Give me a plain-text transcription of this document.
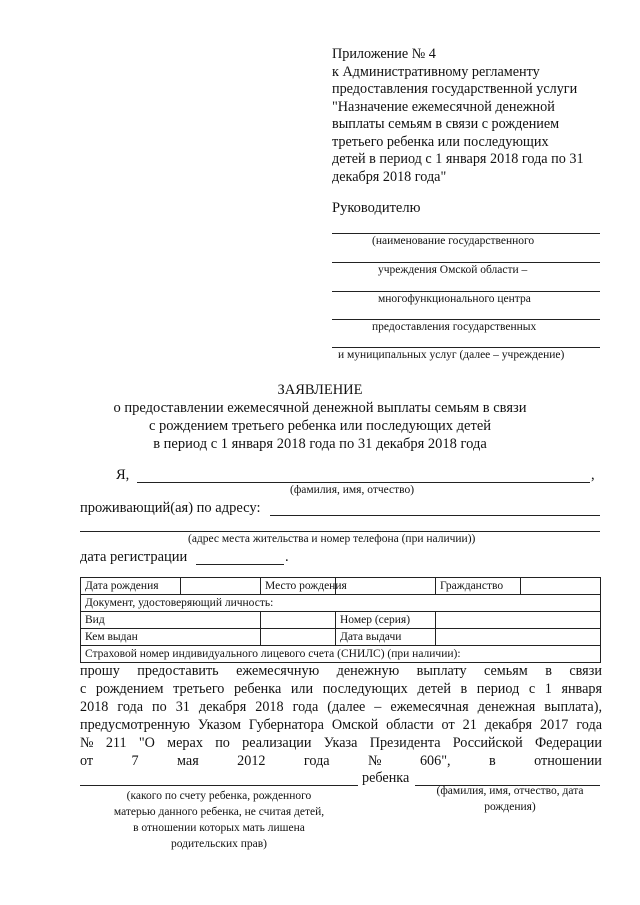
Приложение № 4
к Административному регламенту
предоставления государственной услуги
"Назначение ежемесячной денежной
выплаты семьям в связи с рождением
третьего ребенка или последующих
детей в период с 1 января 2018 года по 31
декабря 2018 года"
Руководителю
(наименование государственного
учреждения Омской области –
многофункционального центра
предоставления государственных
и муниципальных услуг (далее – учреждение)
ЗАЯВЛЕНИЕ
о предоставлении ежемесячной денежной выплаты семьям в связи
с рождением третьего ребенка или последующих детей
в период с 1 января 2018 года по 31 декабря 2018 года
Я,	,
(фамилия, имя, отчество)
проживающий(ая) по адресу:
(адрес места жительства и номер телефона (при наличии))
дата регистрации	.
Дата рождения		Место рождения		Гражданство	
Документ, удостоверяющий личность:					
Вид			Номер (серия)		
Кем выдан			Дата выдачи		
Страховой номер индивидуального лицевого счета (СНИЛС) (при наличии):					
прошу предоставить ежемесячную денежную выплату семьям в связи
с рождением третьего ребенка или последующих детей в период с 1 января
2018 года по 31 декабря 2018 года (далее – ежемесячная денежная выплата),
предусмотренную Указом Губернатора Омской области от 21 декабря 2017 года
№ 211 "О мерах по реализации Указа Президента Российской Федерации
от	7	мая	2012	года	№	606",	в	отношении
ребенка
(какого по счету ребенка, рожденного
матерью данного ребенка, не считая детей,
в отношении которых мать лишена
родительских прав)
(фамилия, имя, отчество, дата
рождения)
